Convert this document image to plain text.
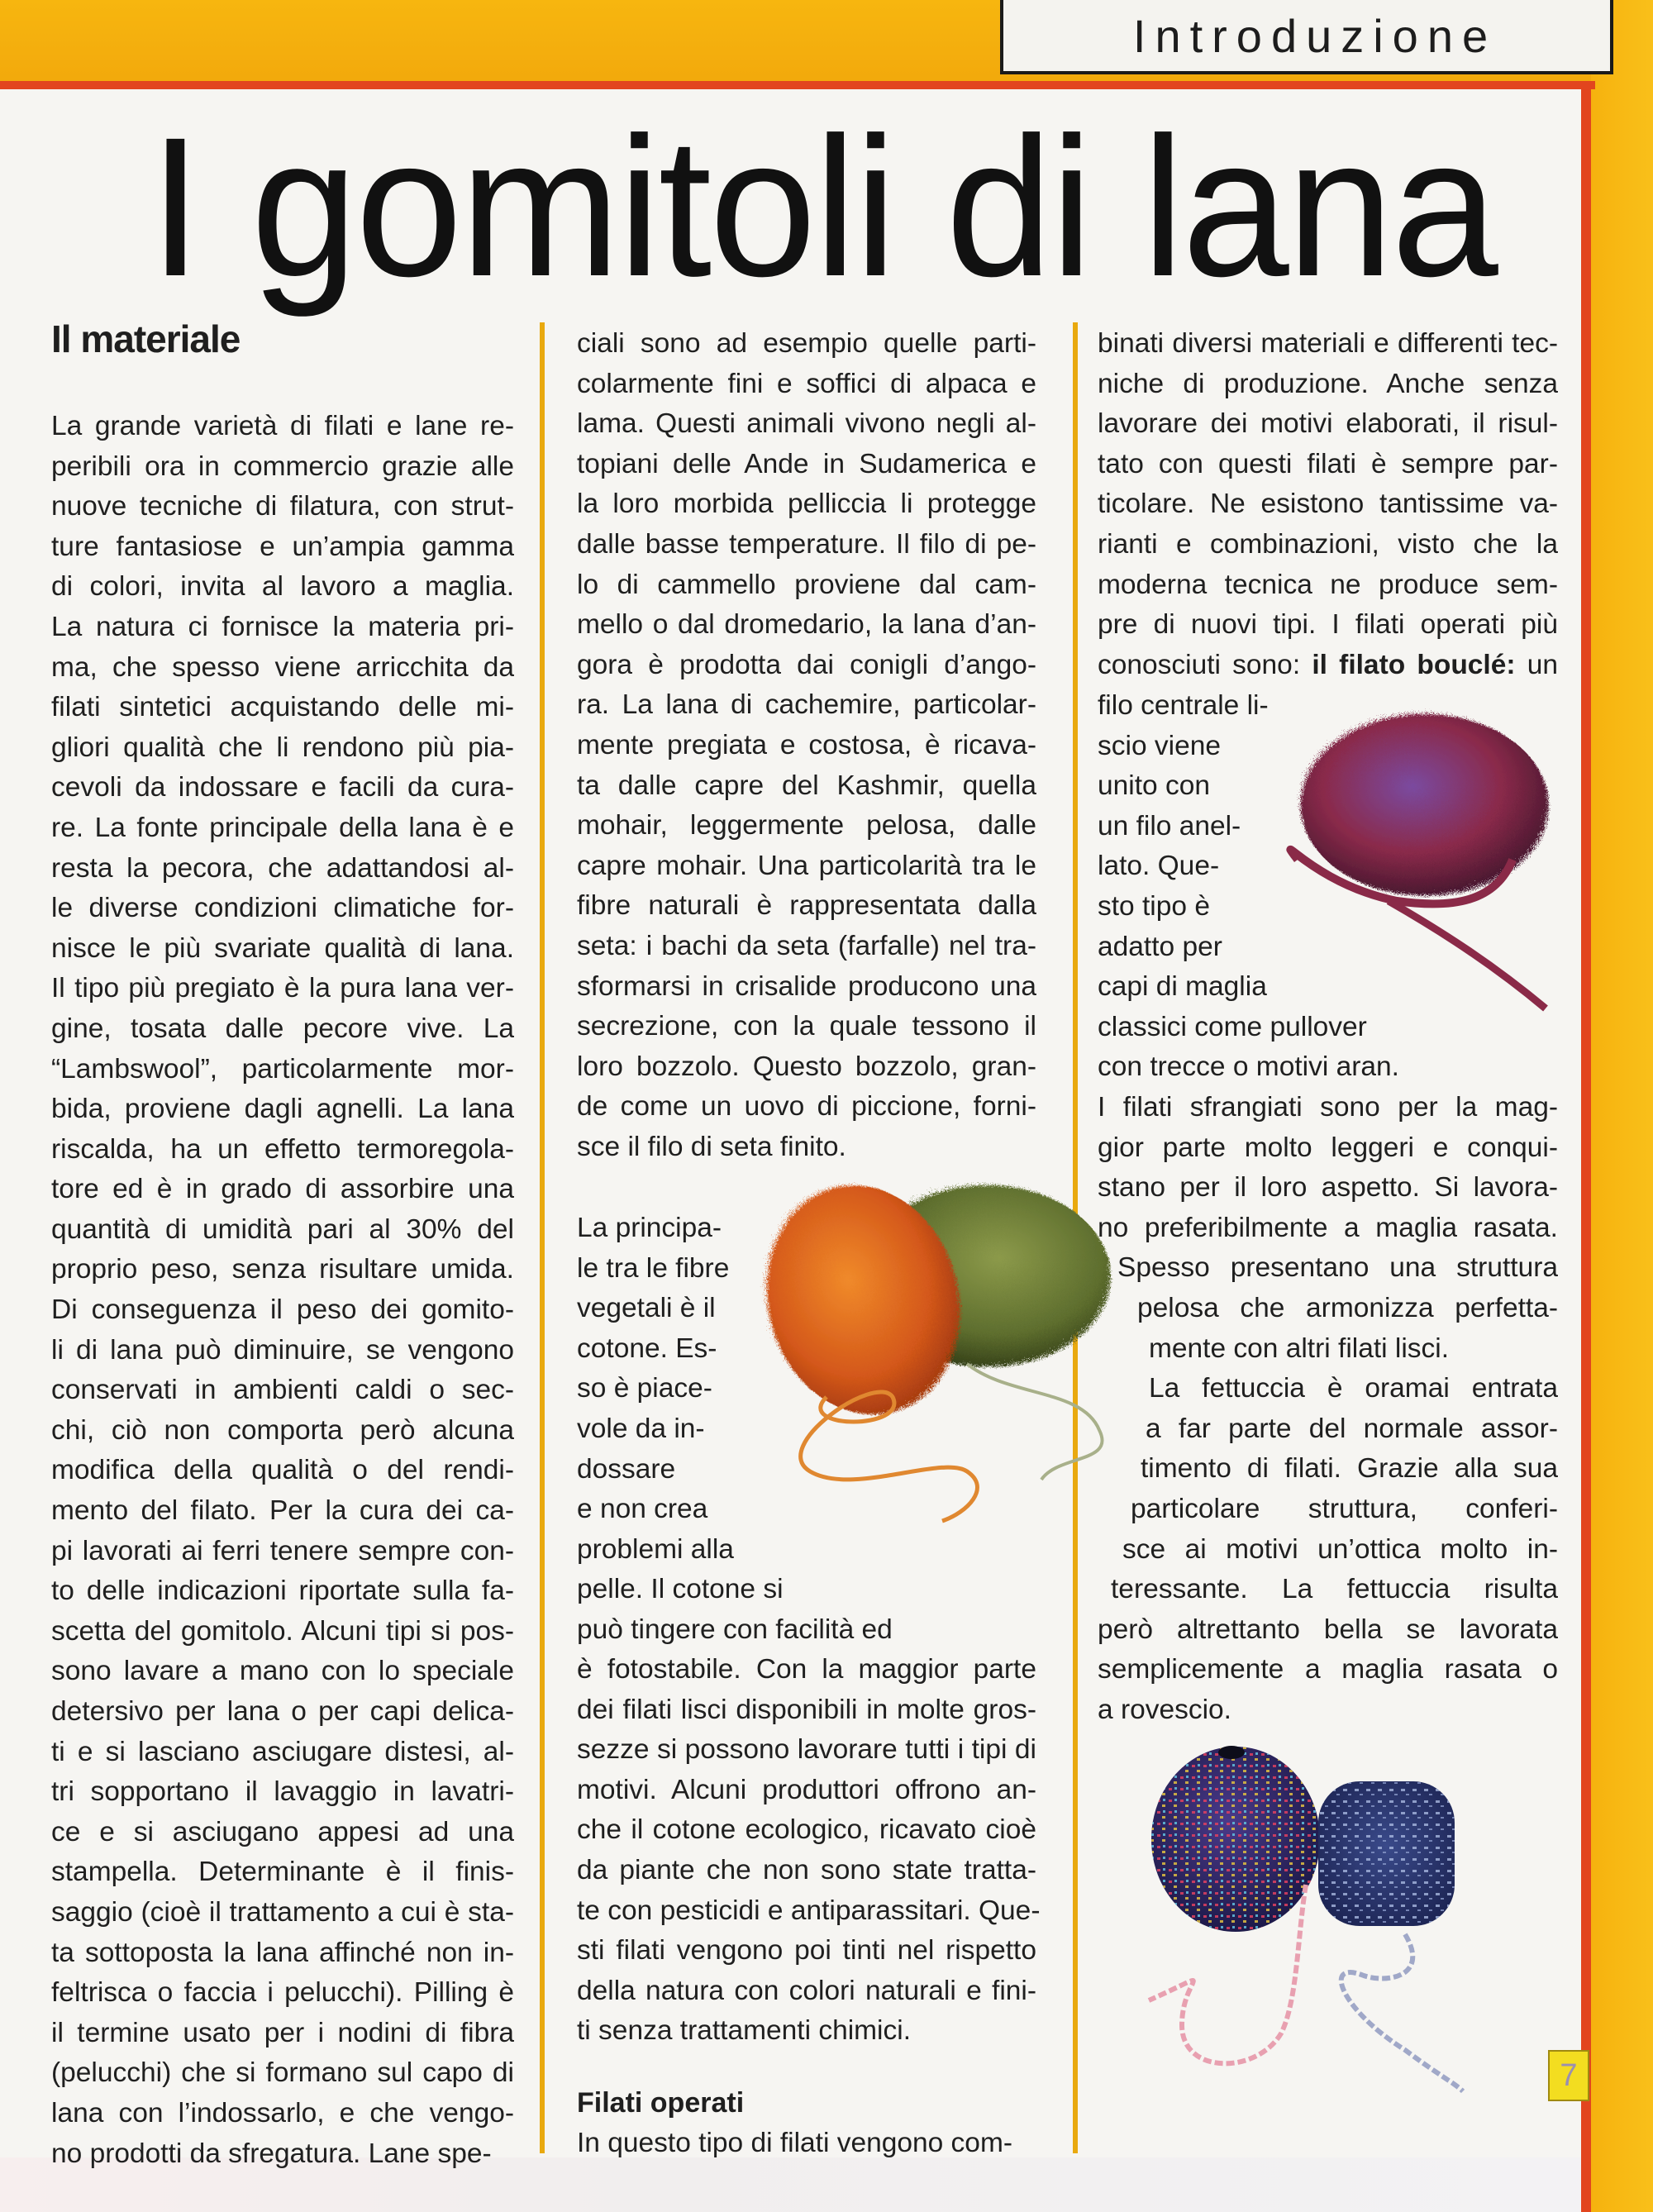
Introduzione
I gomitoli di lana
Il materiale
La grande varietà di filati e lane re-
peribili ora in commercio grazie alle
nuove tecniche di filatura, con strut-
ture fantasiose e un’ampia gamma
di colori, invita al lavoro a maglia.
La natura ci fornisce la materia pri-
ma, che spesso viene arricchita da
filati sintetici acquistando delle mi-
gliori qualità che li rendono più pia-
cevoli da indossare e facili da cura-
re. La fonte principale della lana è e
resta la pecora, che adattandosi al-
le diverse condizioni climatiche for-
nisce le più svariate qualità di lana.
Il tipo più pregiato è la pura lana ver-
gine, tosata dalle pecore vive. La
“Lambswool”, particolarmente mor-
bida, proviene dagli agnelli. La lana
riscalda, ha un effetto termoregola-
tore ed è in grado di assorbire una
quantità di umidità pari al 30% del
proprio peso, senza risultare umida.
Di conseguenza il peso dei gomito-
li di lana può diminuire, se vengono
conservati in ambienti caldi o sec-
chi, ciò non comporta però alcuna
modifica della qualità o del rendi-
mento del filato. Per la cura dei ca-
pi lavorati ai ferri tenere sempre con-
to delle indicazioni riportate sulla fa-
scetta del gomitolo. Alcuni tipi si pos-
sono lavare a mano con lo speciale
detersivo per lana o per capi delica-
ti e si lasciano asciugare distesi, al-
tri sopportano il lavaggio in lavatri-
ce e si asciugano appesi ad una
stampella. Determinante è il finis-
saggio (cioè il trattamento a cui è sta-
ta sottoposta la lana affinché non in-
feltrisca o faccia i pelucchi). Pilling è
il termine usato per i nodini di fibra
(pelucchi) che si formano sul capo di
lana con l’indossarlo, e che vengo-
no prodotti da sfregatura. Lane spe-
ciali sono ad esempio quelle parti-
colarmente fini e soffici di alpaca e
lama. Questi animali vivono negli al-
topiani delle Ande in Sudamerica e
la loro morbida pelliccia li protegge
dalle basse temperature. Il filo di pe-
lo di cammello proviene dal cam-
mello o dal dromedario, la lana d’an-
gora è prodotta dai conigli d’ango-
ra. La lana di cachemire, particolar-
mente pregiata e costosa, è ricava-
ta dalle capre del Kashmir, quella
mohair, leggermente pelosa, dalle
capre mohair. Una particolarità tra le
fibre naturali è rappresentata dalla
seta: i bachi da seta (farfalle) nel tra-
sformarsi in crisalide producono una
secrezione, con la quale tessono il
loro bozzolo. Questo bozzolo, gran-
de come un uovo di piccione, forni-
sce il filo di seta finito.
La principa-
le tra le fibre
vegetali è il
cotone. Es-
so è piace-
vole da in-
dossare
e non crea
problemi alla
pelle. Il cotone si
può tingere con facilità ed
è fotostabile. Con la maggior parte
dei filati lisci disponibili in molte gros-
sezze si possono lavorare tutti i tipi di
motivi. Alcuni produttori offrono an-
che il cotone ecologico, ricavato cioè
da piante che non sono state tratta-
te con pesticidi e antiparassitari. Que-
sti filati vengono poi tinti nel rispetto
della natura con colori naturali e fini-
ti senza trattamenti chimici.
Filati operati
In questo tipo di filati vengono com-
binati diversi materiali e differenti tec-
niche di produzione. Anche senza
lavorare dei motivi elaborati, il risul-
tato con questi filati è sempre par-
ticolare. Ne esistono tantissime va-
rianti e combinazioni, visto che la
moderna tecnica ne produce sem-
pre di nuovi tipi. I filati operati più
conosciuti sono: il filato bouclé: un
filo centrale li-
scio viene
unito con
un filo anel-
lato. Que-
sto tipo è
adatto per
capi di maglia
classici come pullover
con trecce o motivi aran.
I filati sfrangiati sono per la mag-
gior parte molto leggeri e conqui-
stano per il loro aspetto. Si lavora-
no preferibilmente a maglia rasata.
Spesso presentano una struttura
pelosa che armonizza perfetta-
mente con altri filati lisci.
La fettuccia è oramai entrata
a far parte del normale assor-
timento di filati. Grazie alla sua
particolare struttura, conferi-
sce ai motivi un’ottica molto in-
teressante. La fettuccia risulta
però altrettanto bella se lavorata
semplicemente a maglia rasata o
a rovescio.
7
